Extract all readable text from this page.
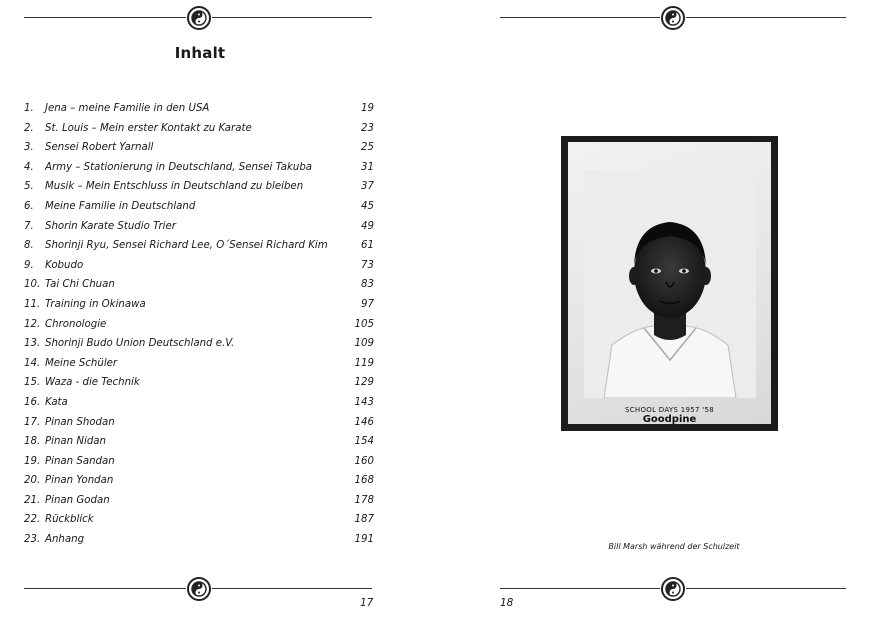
Inhalt
1.	Jena – meine Familie in den USA	19
2.	St. Louis – Mein erster Kontakt zu Karate	23
3.	Sensei Robert Yarnall	25
4.	Army – Stationierung in Deutschland, Sensei Takuba	31
5.	Musik – Mein Entschluss in Deutschland zu bleiben	37
6.	Meine Familie in Deutschland	45
7.	Shorin Karate Studio Trier	49
8.	Shorinji Ryu, Sensei Richard Lee, O´Sensei Richard Kim	61
9.	Kobudo	73
10. Tai Chi Chuan	83
11. Training in Okinawa	97
12. Chronologie	105
13. Shorinji Budo Union Deutschland e.V.	109
14. Meine Schüler	119
15. Waza - die Technik	129
16. Kata	143
17. Pinan Shodan	146
18. Pinan Nidan	154
19. Pinan Sandan	160
20. Pinan Yondan	168
21. Pinan Godan	178
22. Rückblick	187
23. Anhang	191
17
SCHOOL DAYS 1957 '58
Goodpine
Bill Marsh während der Schulzeit
18
